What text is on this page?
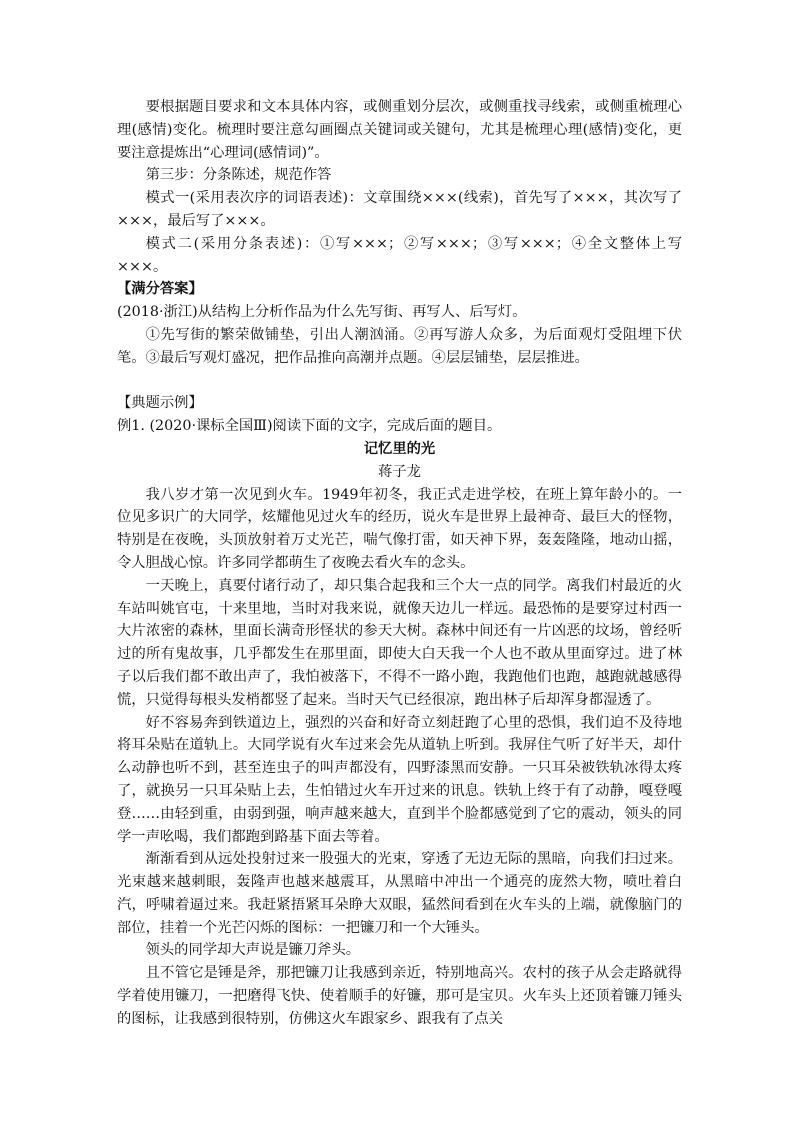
要根据题目要求和文本具体内容，或侧重划分层次，或侧重找寻线索，或侧重梳理心理(感情)变化。梳理时要注意勾画圈点关键词或关键句，尤其是梳理心理(感情)变化，更要注意提炼出“心理词(感情词)”。

第三步：分条陈述，规范作答

模式一(采用表次序的词语表述)：文章围绕×××(线索)，首先写了×××，其次写了×××，最后写了×××。

模式二(采用分条表述)：①写×××；②写×××；③写×××；④全文整体上写×××。

【满分答案】

(2018·浙江)从结构上分析作品为什么先写街、再写人、后写灯。

①先写街的繁荣做铺垫，引出人潮汹涌。②再写游人众多，为后面观灯受阻埋下伏笔。③最后写观灯盛况，把作品推向高潮并点题。④层层铺垫，层层推进。

【典题示例】

例1. (2020·课标全国Ⅲ)阅读下面的文字，完成后面的题目。

记忆里的光

蒋子龙

我八岁才第一次见到火车。1949年初冬，我正式走进学校，在班上算年龄小的。一位见多识广的大同学，炫耀他见过火车的经历，说火车是世界上最神奇、最巨大的怪物，特别是在夜晚，头顶放射着万丈光芒，喘气像打雷，如天神下界，轰轰隆隆，地动山摇，令人胆战心惊。许多同学都萌生了夜晚去看火车的念头。

一天晚上，真要付诸行动了，却只集合起我和三个大一点的同学。离我们村最近的火车站叫姚官屯，十来里地，当时对我来说，就像天边儿一样远。最恐怖的是要穿过村西一大片浓密的森林，里面长满奇形怪状的参天大树。森林中间还有一片凶恶的坟场，曾经听过的所有鬼故事，几乎都发生在那里面，即使大白天我一个人也不敢从里面穿过。进了林子以后我们都不敢出声了，我怕被落下，不得不一路小跑，我跑他们也跑，越跑就越感得慌，只觉得每根头发梢都竖了起来。当时天气已经很凉，跑出林子后却浑身都湿透了。

好不容易奔到铁道边上，强烈的兴奋和好奇立刻赶跑了心里的恐惧，我们迫不及待地将耳朵贴在道轨上。大同学说有火车过来会先从道轨上听到。我屏住气听了好半天，却什么动静也听不到，甚至连虫子的叫声都没有，四野漆黑而安静。一只耳朵被铁轨冰得太疼了，就换另一只耳朵贴上去，生怕错过火车开过来的讯息。铁轨上终于有了动静，嘎登嘎登……由轻到重，由弱到强，响声越来越大，直到半个脸都感觉到了它的震动，领头的同学一声吆喝，我们都跑到路基下面去等着。

渐渐看到从远处投射过来一股强大的光束，穿透了无边无际的黑暗，向我们扫过来。光束越来越刺眼，轰隆声也越来越震耳，从黑暗中冲出一个通亮的庞然大物，喷吐着白汽，呼啸着逼过来。我赶紧捂紧耳朵睁大双眼，猛然间看到在火车头的上端，就像脑门的部位，挂着一个光芒闪烁的图标：一把镰刀和一个大锤头。

领头的同学却大声说是镰刀斧头。

且不管它是锤是斧，那把镰刀让我感到亲近，特别地高兴。农村的孩子从会走路就得学着使用镰刀，一把磨得飞快、使着顺手的好镰，那可是宝贝。火车头上还顶着镰刀锤头的图标，让我感到很特别，仿佛这火车跟家乡、跟我有了点关
